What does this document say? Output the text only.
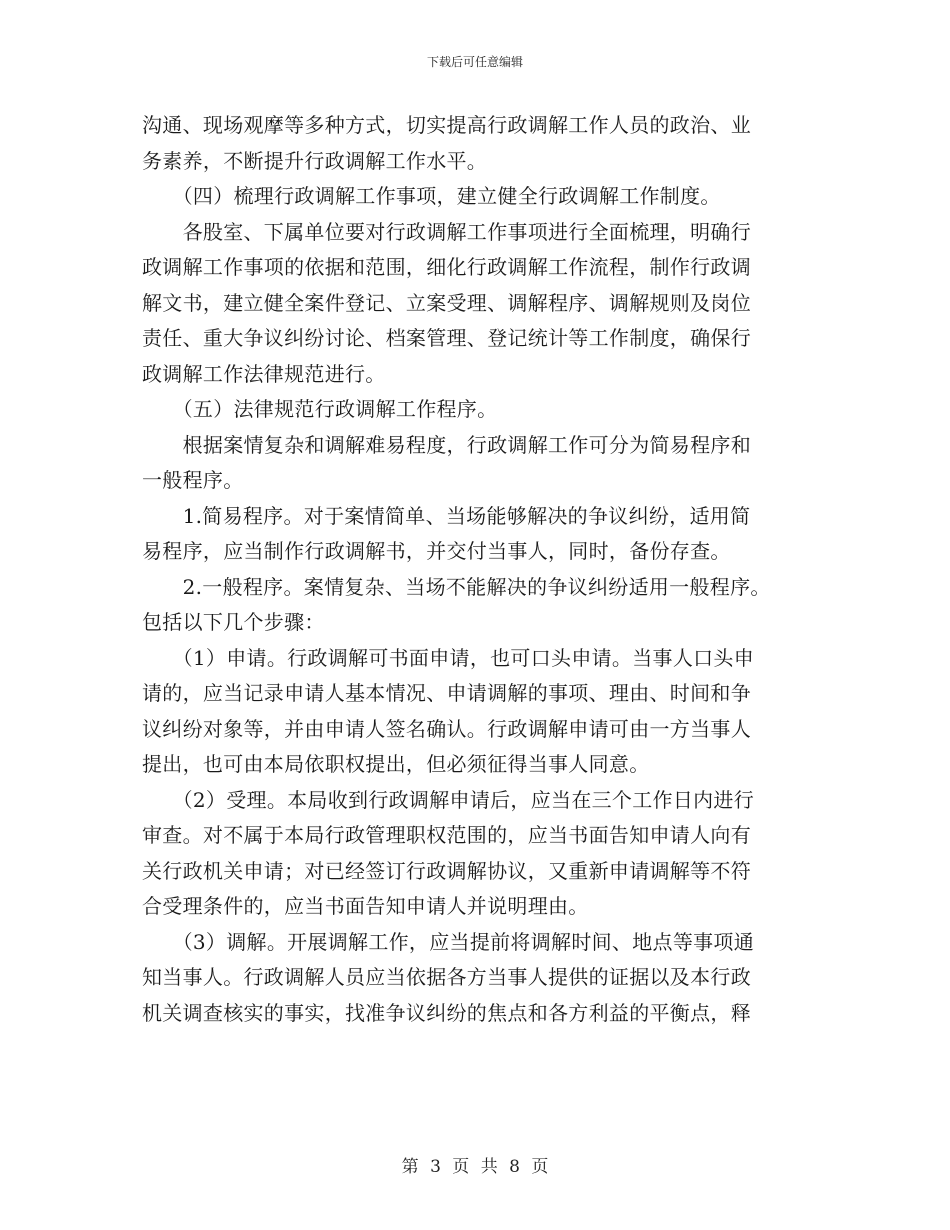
下载后可任意编辑
沟通、现场观摩等多种方式，切实提高行政调解工作人员的政治、业
务素养，不断提升行政调解工作水平。
　　（四）梳理行政调解工作事项，建立健全行政调解工作制度。
　　各股室、下属单位要对行政调解工作事项进行全面梳理，明确行
政调解工作事项的依据和范围，细化行政调解工作流程，制作行政调
解文书，建立健全案件登记、立案受理、调解程序、调解规则及岗位
责任、重大争议纠纷讨论、档案管理、登记统计等工作制度，确保行
政调解工作法律规范进行。
　　（五）法律规范行政调解工作程序。
　　根据案情复杂和调解难易程度，行政调解工作可分为简易程序和
一般程序。
　　1.简易程序。对于案情简单、当场能够解决的争议纠纷，适用简
易程序，应当制作行政调解书，并交付当事人，同时，备份存查。
　　2.一般程序。案情复杂、当场不能解决的争议纠纷适用一般程序。
包括以下几个步骤：
　　（1）申请。行政调解可书面申请，也可口头申请。当事人口头申
请的，应当记录申请人基本情况、申请调解的事项、理由、时间和争
议纠纷对象等，并由申请人签名确认。行政调解申请可由一方当事人
提出，也可由本局依职权提出，但必须征得当事人同意。
　　（2）受理。本局收到行政调解申请后，应当在三个工作日内进行
审查。对不属于本局行政管理职权范围的，应当书面告知申请人向有
关行政机关申请；对已经签订行政调解协议，又重新申请调解等不符
合受理条件的，应当书面告知申请人并说明理由。
　　（3）调解。开展调解工作，应当提前将调解时间、地点等事项通
知当事人。行政调解人员应当依据各方当事人提供的证据以及本行政
机关调查核实的事实，找准争议纠纷的焦点和各方利益的平衡点，释
第 3 页 共 8 页
